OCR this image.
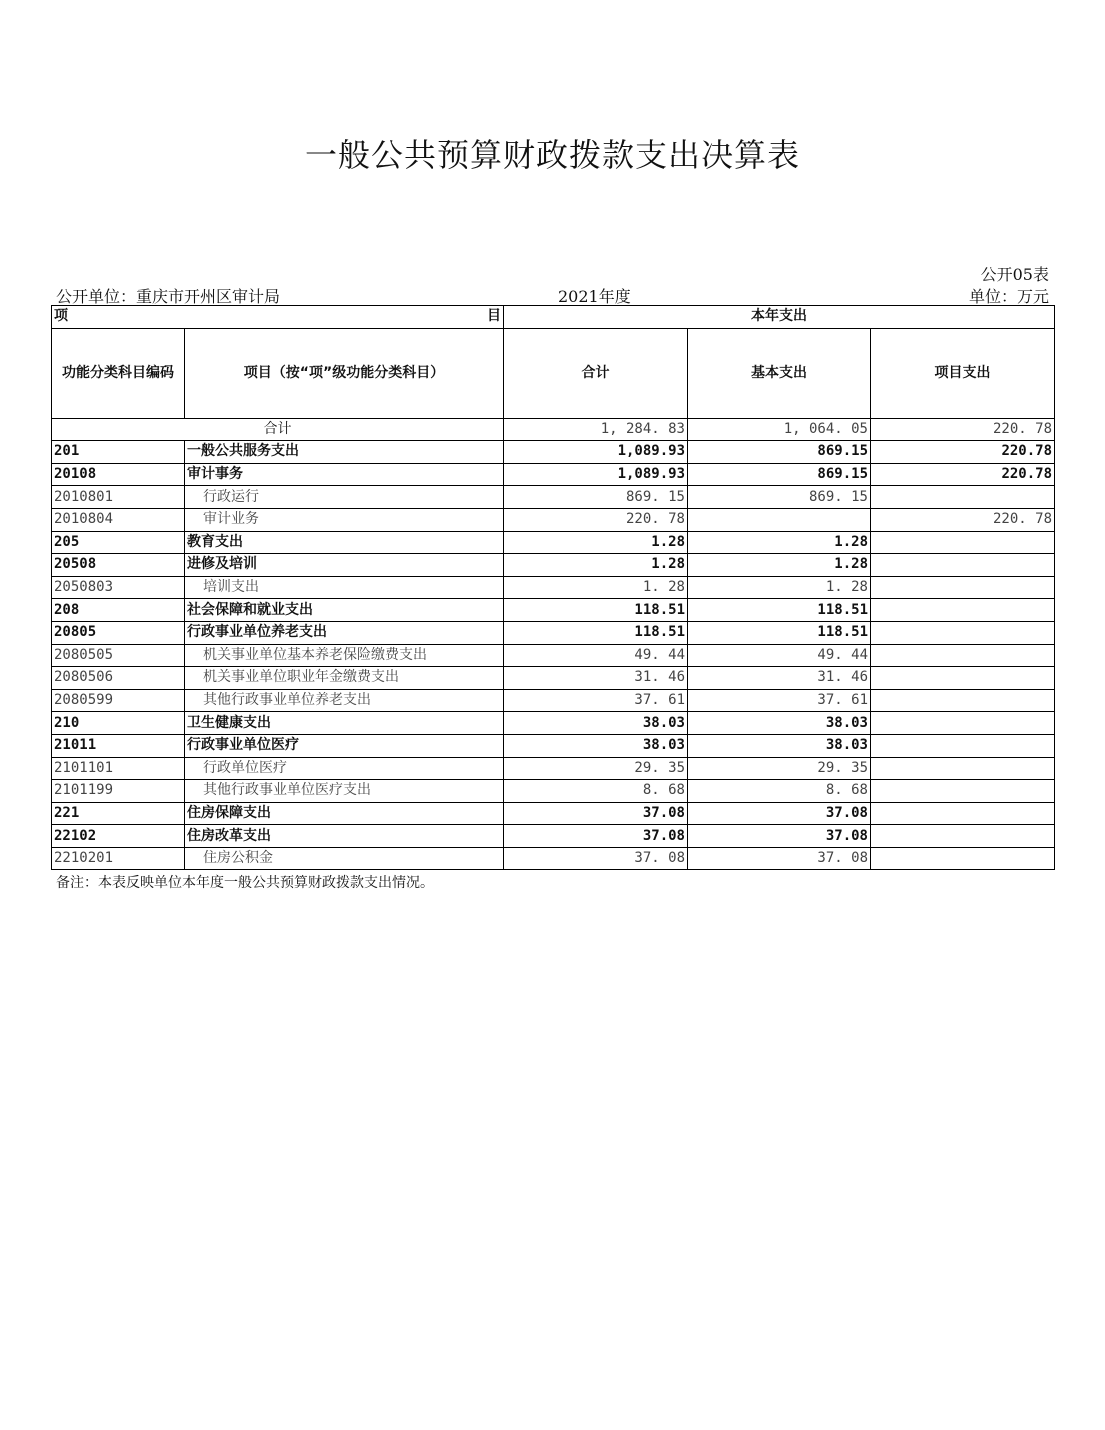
一般公共预算财政拨款支出决算表
公开05表
公开单位：重庆市开州区审计局	2021年度	单位：万元
项 目		本年支出		
功能分类科目编码	项目（按“项”级功能分类科目）	合计	基本支出	项目支出
合计		1, 284. 83	1, 064. 05	220. 78
201	一般公共服务支出	1,089.93	869.15	220.78
20108	审计事务	1,089.93	869.15	220.78
2010801	行政运行	869. 15	869. 15	
2010804	审计业务	220. 78		220. 78
205	教育支出	1.28	1.28	
20508	进修及培训	1.28	1.28	
2050803	培训支出	1. 28	1. 28	
208	社会保障和就业支出	118.51	118.51	
20805	行政事业单位养老支出	118.51	118.51	
2080505	机关事业单位基本养老保险缴费支出	49. 44	49. 44	
2080506	机关事业单位职业年金缴费支出	31. 46	31. 46	
2080599	其他行政事业单位养老支出	37. 61	37. 61	
210	卫生健康支出	38.03	38.03	
21011	行政事业单位医疗	38.03	38.03	
2101101	行政单位医疗	29. 35	29. 35	
2101199	其他行政事业单位医疗支出	8. 68	8. 68	
221	住房保障支出	37.08	37.08	
22102	住房改革支出	37.08	37.08	
2210201	住房公积金	37. 08	37. 08	
备注：本表反映单位本年度一般公共预算财政拨款支出情况。
